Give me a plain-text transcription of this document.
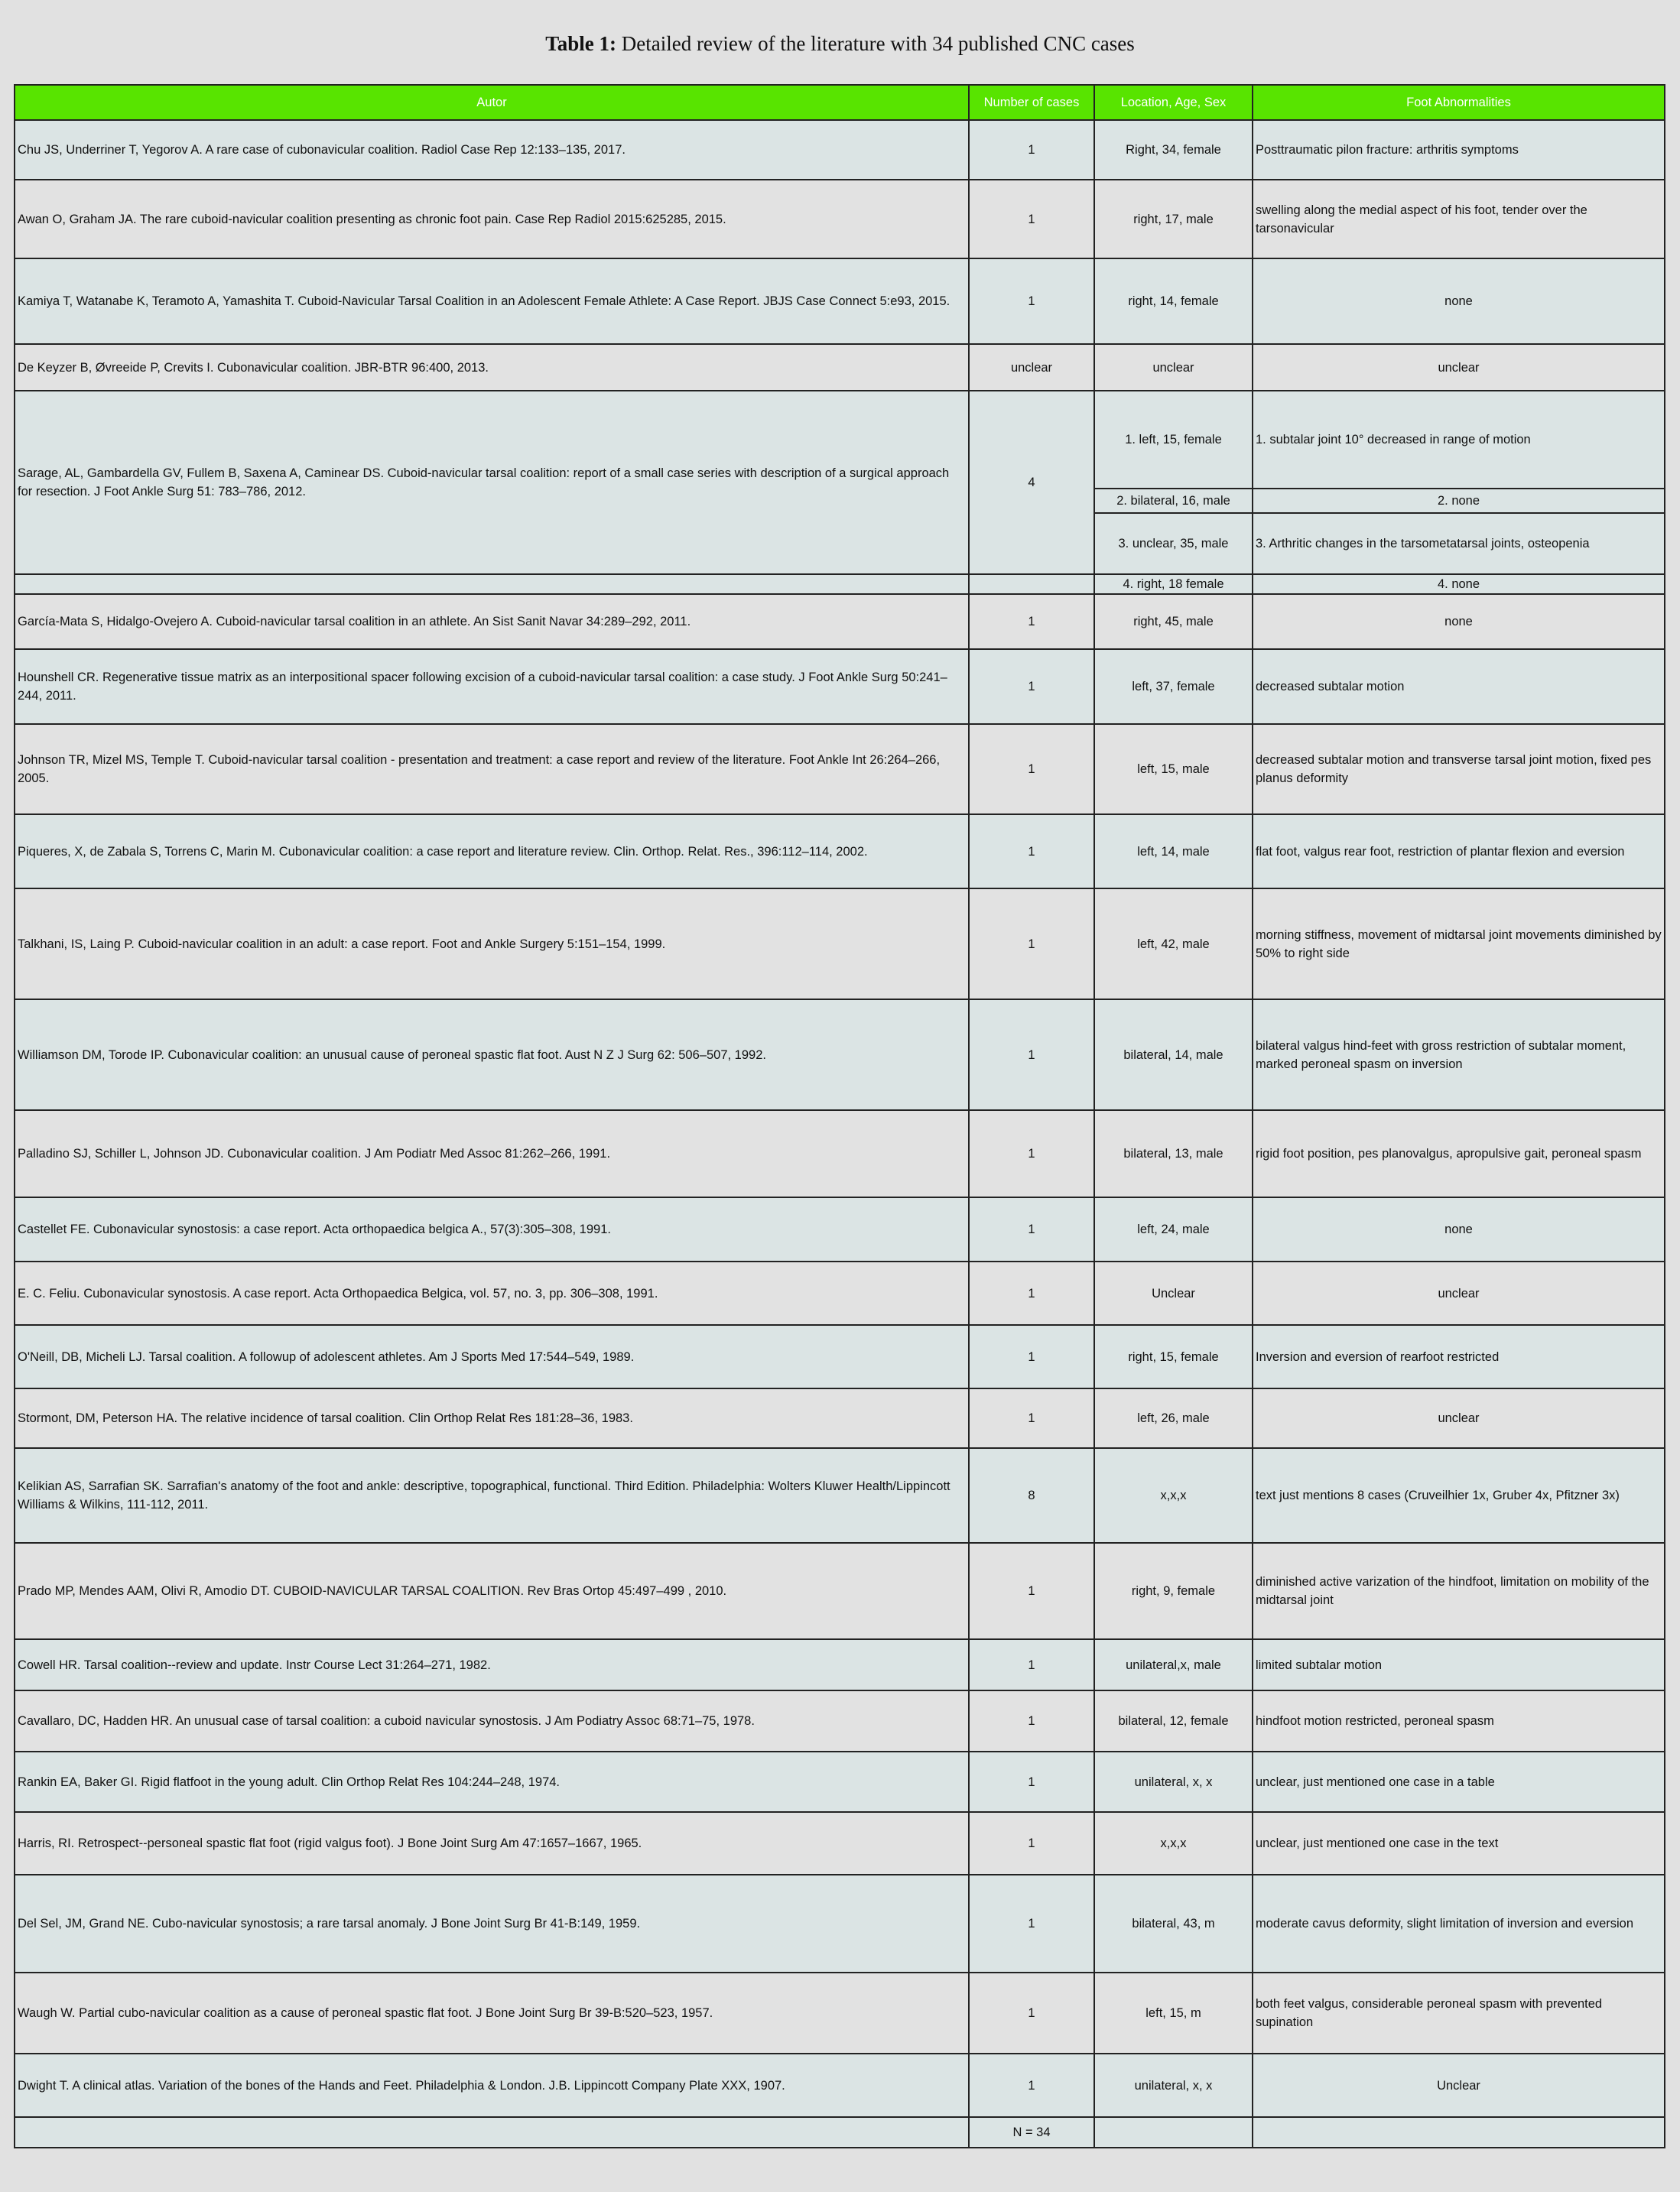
Table 1: Detailed review of the literature with 34 published CNC cases
Autor	Number of cases	Location, Age, Sex	Foot Abnormalities
Chu JS, Underriner T, Yegorov A. A rare case of cubonavicular coalition. Radiol Case Rep 12:133–135, 2017.	1	Right, 34, female	Posttraumatic pilon fracture: arthritis symptoms
Awan O, Graham JA. The rare cuboid-navicular coalition presenting as chronic foot pain. Case Rep Radiol 2015:625285, 2015.	1	right, 17, male	swelling along the medial aspect of his foot, tender over the tarsonavicular
Kamiya T, Watanabe K, Teramoto A, Yamashita T. Cuboid-Navicular Tarsal Coalition in an Adolescent Female Athlete: A Case Report. JBJS Case Connect 5:e93, 2015.	1	right, 14, female	none
De Keyzer B, Øvreeide P, Crevits I. Cubonavicular coalition. JBR-BTR 96:400, 2013.	unclear	unclear	unclear
Sarage, AL, Gambardella GV, Fullem B, Saxena A, Caminear DS. Cuboid-navicular tarsal coalition: report of a small case series with description of a surgical approach for resection. J Foot Ankle Surg 51: 783–786, 2012.	4	1. left, 15, female	1. subtalar joint 10° decreased in range of motion
		2. bilateral, 16, male	2. none
		3. unclear, 35, male	3. Arthritic changes in the tarsometatarsal joints, osteopenia
		4. right, 18 female	4. none
García-Mata S, Hidalgo-Ovejero A. Cuboid-navicular tarsal coalition in an athlete. An Sist Sanit Navar 34:289–292, 2011.	1	right, 45, male	none
Hounshell CR. Regenerative tissue matrix as an interpositional spacer following excision of a cuboid-navicular tarsal coalition: a case study. J Foot Ankle Surg 50:241–244, 2011.	1	left, 37, female	decreased subtalar motion
Johnson TR, Mizel MS, Temple T. Cuboid-navicular tarsal coalition - presentation and treatment: a case report and review of the literature. Foot Ankle Int 26:264–266, 2005.	1	left, 15, male	decreased subtalar motion and transverse tarsal joint motion, fixed pes planus deformity
Piqueres, X, de Zabala S, Torrens C, Marin M. Cubonavicular coalition: a case report and literature review. Clin. Orthop. Relat. Res., 396:112–114, 2002.	1	left, 14, male	flat foot, valgus rear foot, restriction of plantar flexion and eversion
Talkhani, IS, Laing P. Cuboid-navicular coalition in an adult: a case report. Foot and Ankle Surgery 5:151–154, 1999.	1	left, 42, male	morning stiffness, movement of midtarsal joint movements diminished by 50% to right side
Williamson DM, Torode IP. Cubonavicular coalition: an unusual cause of peroneal spastic flat foot. Aust N Z J Surg 62: 506–507, 1992.	1	bilateral, 14, male	bilateral valgus hind-feet with gross restriction of subtalar moment, marked peroneal spasm on inversion
Palladino SJ, Schiller L, Johnson JD. Cubonavicular coalition. J Am Podiatr Med Assoc 81:262–266, 1991.	1	bilateral, 13, male	rigid foot position, pes planovalgus, apropulsive gait, peroneal spasm
Castellet FE. Cubonavicular synostosis: a case report. Acta orthopaedica belgica A., 57(3):305–308, 1991.	1	left, 24, male	none
E. C. Feliu. Cubonavicular synostosis. A case report. Acta Orthopaedica Belgica, vol. 57, no. 3, pp. 306–308, 1991.	1	Unclear	unclear
O'Neill, DB, Micheli LJ. Tarsal coalition. A followup of adolescent athletes. Am J Sports Med 17:544–549, 1989.	1	right, 15, female	Inversion and eversion of rearfoot restricted
Stormont, DM, Peterson HA. The relative incidence of tarsal coalition. Clin Orthop Relat Res 181:28–36, 1983.	1	left, 26, male	unclear
Kelikian AS, Sarrafian SK. Sarrafian's anatomy of the foot and ankle: descriptive, topographical, functional. Third Edition. Philadelphia: Wolters Kluwer Health/Lippincott Williams & Wilkins, 111-112, 2011.	8	x,x,x	text just mentions 8 cases (Cruveilhier 1x, Gruber 4x, Pfitzner 3x)
Prado MP, Mendes AAM, Olivi R, Amodio DT. CUBOID-NAVICULAR TARSAL COALITION. Rev Bras Ortop 45:497–499 , 2010.	1	right, 9, female	diminished active varization of the hindfoot, limitation on mobility of the midtarsal joint
Cowell HR. Tarsal coalition--review and update. Instr Course Lect 31:264–271, 1982.	1	unilateral,x, male	limited subtalar motion
Cavallaro, DC, Hadden HR. An unusual case of tarsal coalition: a cuboid navicular synostosis. J Am Podiatry Assoc 68:71–75, 1978.	1	bilateral, 12, female	hindfoot motion restricted, peroneal spasm
Rankin EA, Baker GI. Rigid flatfoot in the young adult. Clin Orthop Relat Res 104:244–248, 1974.	1	unilateral, x, x	unclear, just mentioned one case in a table
Harris, RI. Retrospect--personeal spastic flat foot (rigid valgus foot). J Bone Joint Surg Am 47:1657–1667, 1965.	1	x,x,x	unclear, just mentioned one case in the text
Del Sel, JM, Grand NE. Cubo-navicular synostosis; a rare tarsal anomaly. J Bone Joint Surg Br 41-B:149, 1959.	1	bilateral, 43, m	moderate cavus deformity, slight limitation of inversion and eversion
Waugh W. Partial cubo-navicular coalition as a cause of peroneal spastic flat foot. J Bone Joint Surg Br 39-B:520–523, 1957.	1	left, 15, m	both feet valgus, considerable peroneal spasm with prevented supination
Dwight T. A clinical atlas. Variation of the bones of the Hands and Feet. Philadelphia & London. J.B. Lippincott Company Plate XXX, 1907.	1	unilateral, x, x	Unclear
	N = 34		
